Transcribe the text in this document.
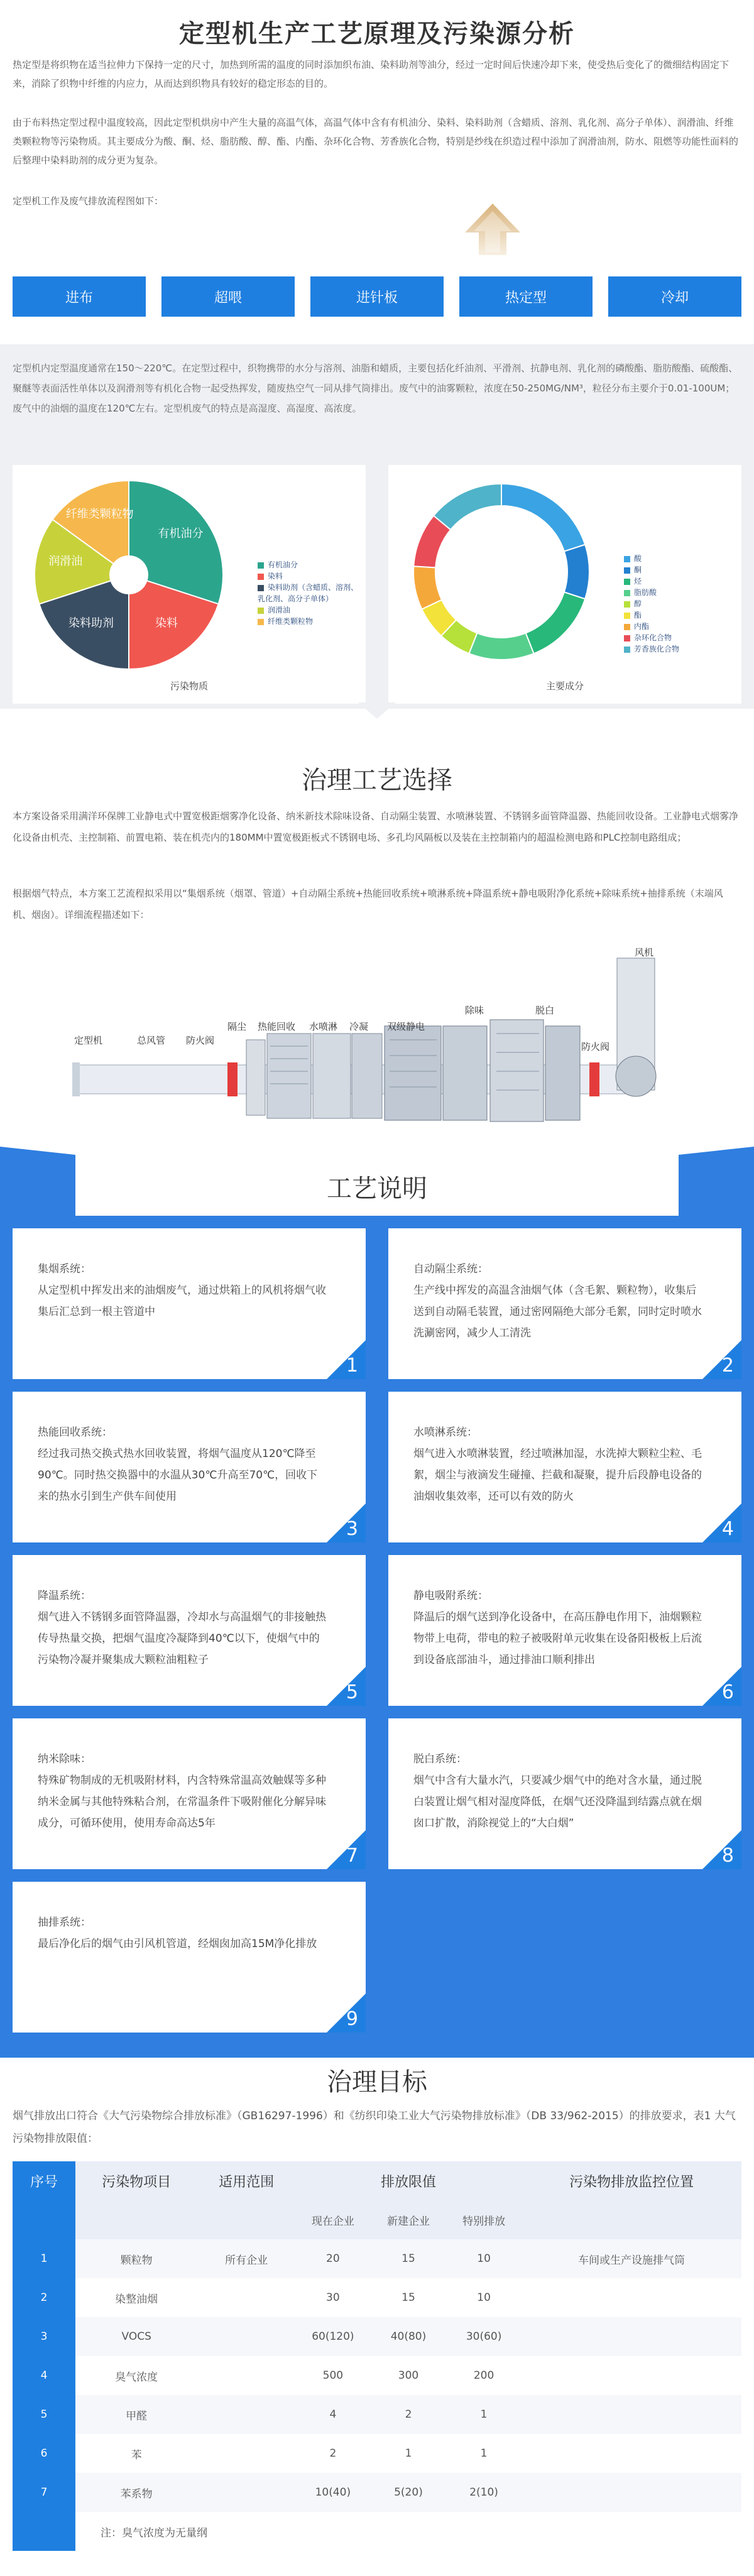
定型机生产工艺原理及污染源分析

热定型是将织物在适当拉伸力下保持一定的尺寸，加热到所需的温度的同时添加织布油、染料助剂等油分，经过一定时间后快速冷却下来，使受热后变化了的微细结构固定下来，消除了织物中纤维的内应力，从而达到织物具有较好的稳定形态的目的。

由于布料热定型过程中温度较高，因此定型机烘房中产生大量的高温气体，高温气体中含有有机油分、染料、染料助剂（含蜡质、溶剂、乳化剂、高分子单体）、润滑油、纤维类颗粒物等污染物质。其主要成分为酸、酮、烃、脂肪酸、醇、酯、内酯、杂环化合物、芳香族化合物，特别是纱线在织造过程中添加了润滑油剂，防水、阻燃等功能性面料的后整理中染料助剂的成分更为复杂。

定型机工作及废气排放流程图如下：

进布	超喂	进针板	热定型	冷却

定型机内定型温度通常在150～220℃。在定型过程中，织物携带的水分与溶剂、油脂和蜡质，主要包括化纤油剂、平滑剂、抗静电剂、乳化剂的磷酸酯、脂肪酸酯、硫酸酯、聚醚等表面活性单体以及润滑剂等有机化合物一起受热挥发，随废热空气一同从排气筒排出。废气中的油雾颗粒，浓度在50-250MG/NM³，粒径分布主要介于0.01-100UM；废气中的油烟的温度在120℃左右。定型机废气的特点是高湿度、高湿度、高浓度。

有机油分
染料
染料助剂
润滑油
纤维类颗粒物
有机油分
染料
染料助剂（含蜡质、溶剂、乳化剂、高分子单体）
润滑油
纤维类颗粒物
污染物质
酸
酮
烃
脂肪酸
醇
酯
内酯
杂环化合物
芳香族化合物
主要成分
治理工艺选择

本方案设备采用满洋环保牌工业静电式中置宽极距烟雾净化设备、纳米新技术除味设备、自动隔尘装置、水喷淋装置、不锈钢多面管降温器、热能回收设备。工业静电式烟雾净化设备由机壳、主控制箱、前置电箱、装在机壳内的180MM中置宽极距板式不锈钢电场、多孔均风隔板以及装在主控制箱内的超温检测电路和PLC控制电路组成；

根据烟气特点，本方案工艺流程拟采用以“集烟系统（烟罩、管道）+自动隔尘系统+热能回收系统+喷淋系统+降温系统+静电吸附净化系统+除味系统+抽排系统（末端风机、烟囱）。详细流程描述如下：

定型机	总风管 防火阀
隔尘 热能回收 水喷淋 冷凝 双级静电
除味	脱白
防火阀
风机
工艺说明
集烟系统：
从定型机中挥发出来的油烟废气，通过烘箱上的风机将烟气收集后汇总到一根主管道中
1
自动隔尘系统：
生产线中挥发的高温含油烟气体（含毛絮、颗粒物），收集后送到自动隔毛装置，通过密网隔绝大部分毛絮，同时定时喷水洗涮密网，减少人工清洗
2
热能回收系统：
经过我司热交换式热水回收装置，将烟气温度从120℃降至90℃。同时热交换器中的水温从30℃升高至70℃，回收下来的热水引到生产供车间使用
3
水喷淋系统：
烟气进入水喷淋装置，经过喷淋加湿，水洗掉大颗粒尘粒、毛絮，烟尘与液滴发生碰撞、拦截和凝聚，提升后段静电设备的油烟收集效率，还可以有效的防火
4
降温系统：
烟气进入不锈钢多面管降温器，冷却水与高温烟气的非接触热传导热量交换，把烟气温度冷凝降到40℃以下，使烟气中的污染物冷凝并聚集成大颗粒油粗粒子
5
静电吸附系统：
降温后的烟气送到净化设备中，在高压静电作用下，油烟颗粒物带上电荷，带电的粒子被吸附单元收集在设备阳极板上后流到设备底部油斗，通过排油口顺利排出
6
纳米除味：
特殊矿物制成的无机吸附材料，内含特殊常温高效触媒等多种纳米金属与其他特殊粘合剂，在常温条件下吸附催化分解异味成分，可循环使用，使用寿命高达5年
7
脱白系统：
烟气中含有大量水汽，只要减少烟气中的绝对含水量，通过脱白装置让烟气相对湿度降低，在烟气还没降温到结露点就在烟囱口扩散，消除视觉上的“大白烟”
8
抽排系统：
最后净化后的烟气由引风机管道，经烟囱加高15M净化排放
9
治理目标

烟气排放出口符合《大气污染物综合排放标准》（GB16297-1996）和《纺织印染工业大气污染物排放标准》（DB 33/962-2015）的排放要求，表1 大气污染物排放限值：

序号	污染物项目	适用范围	排放限值			污染物排放监控位置
			现在企业	新建企业	特别排放	
1	颗粒物	所有企业	20	15	10	车间或生产设施排气筒
2	染整油烟		30	15	10	
3	VOCS		60(120)	40(80)	30(60)	
4	臭气浓度		500	300	200	
5	甲醛		4	2	1	
6	苯		2	1	1	
7	苯系物		10(40)	5(20)	2(10)	
	注：臭气浓度为无量纲					
